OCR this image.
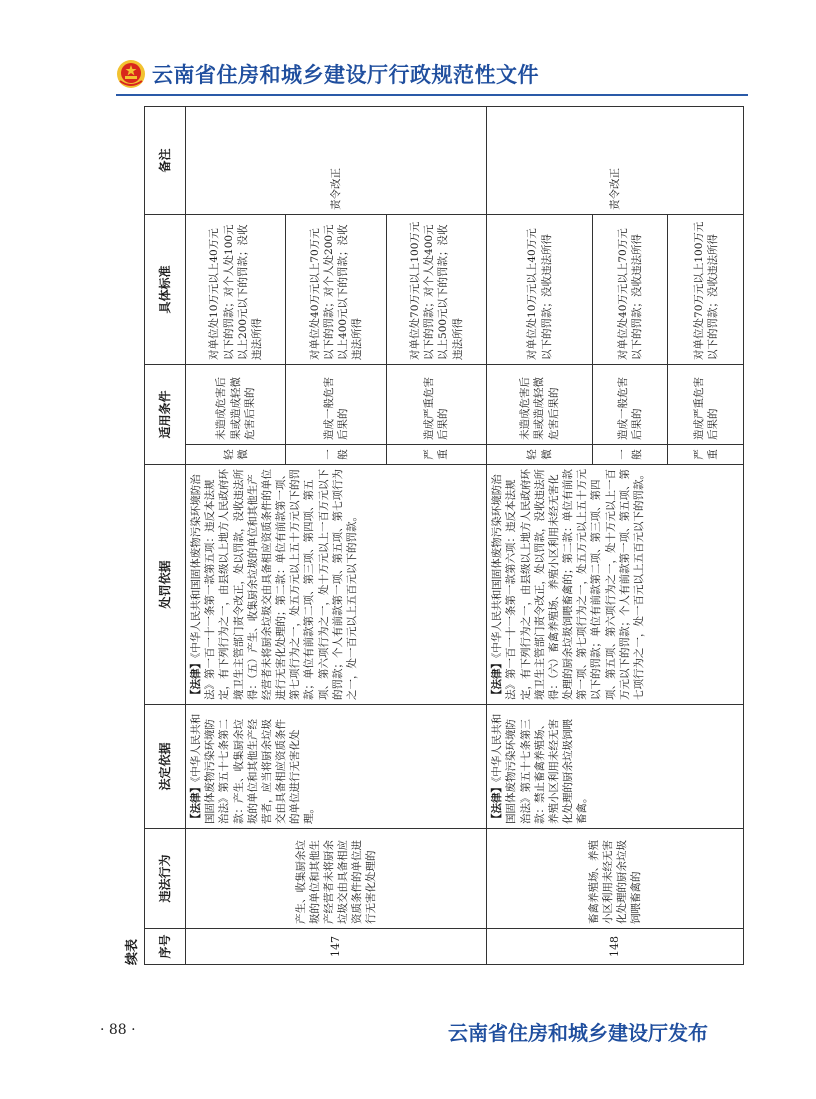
云南省住房和城乡建设厅行政规范性文件
续表 序号	违法行为	法定依据	处罚依据	适用条件		具体标准	备注
147	产生、收集厨余垃圾的单位和其他生产经营者未将厨余垃圾交由具备相应资质条件的单位进行无害化处理的	【法律】《中华人民共和国固体废物污染环境防治法》第五十七条第二款：产生、收集厨余垃圾的单位和其他生产经营者，应当将厨余垃圾交由具备相应资质条件的单位进行无害化处理。	【法律】《中华人民共和国固体废物污染环境防治法》第一百一十一条第一款第五项：违反本法规定，有下列行为之一，由县级以上地方人民政府环境卫生主管部门责令改正，处以罚款，没收违法所得：（五）产生、收集厨余垃圾的单位和其他生产经营者未将厨余垃圾交由具备相应资质条件的单位进行无害化处理的；第二款：单位有前款第一项、第七项行为之一，处五万元以上五十万元以下的罚款；单位有前款第二项、第三项、第四项、第五项、第六项行为之一，处十万元以上一百万元以下的罚款；个人有前款第一项、第五项、第七项行为之一，处一百元以上五百元以下的罚款。	轻微	未造成危害后果或造成轻微危害后果的	对单位处10万元以上40万元以下的罚款；对个人处100元以上200元以下的罚款；没收违法所得	责令改正
				一般	造成一般危害后果的	对单位处40万元以上70万元以下的罚款；对个人处200元以上400元以下的罚款；没收违法所得	
				严重	造成严重危害后果的	对单位处70万元以上100万元以下的罚款；对个人处400元以上500元以下的罚款；没收违法所得	
148	畜禽养殖场、养殖小区利用未经无害化处理的厨余垃圾饲喂畜禽的	【法律】《中华人民共和国固体废物污染环境防治法》第五十七条第三款：禁止畜禽养殖场、养殖小区利用未经无害化处理的厨余垃圾饲喂畜禽。	【法律】《中华人民共和国固体废物污染环境防治法》第一百一十一条第一款第六项：违反本法规定，有下列行为之一，由县级以上地方人民政府环境卫生主管部门责令改正，处以罚款，没收违法所得：（六）畜禽养殖场、养殖小区利用未经无害化处理的厨余垃圾饲喂畜禽的；第二款：单位有前款第一项、第七项行为之一，处五万元以上五十万元以下的罚款；单位有前款第二项、第三项、第四项、第五项、第六项行为之一，处十万元以上一百万元以下的罚款；个人有前款第一项、第五项、第七项行为之一，处一百元以上五百元以下的罚款。	轻微	未造成危害后果或造成轻微危害后果的	对单位处10万元以上40万元以下的罚款；没收违法所得	责令改正
				一般	造成一般危害后果的	对单位处40万元以上70万元以下的罚款；没收违法所得	
				严重	造成严重危害后果的	对单位处70万元以上100万元以下的罚款；没收违法所得	
· 88 ·	云南省住房和城乡建设厅发布
